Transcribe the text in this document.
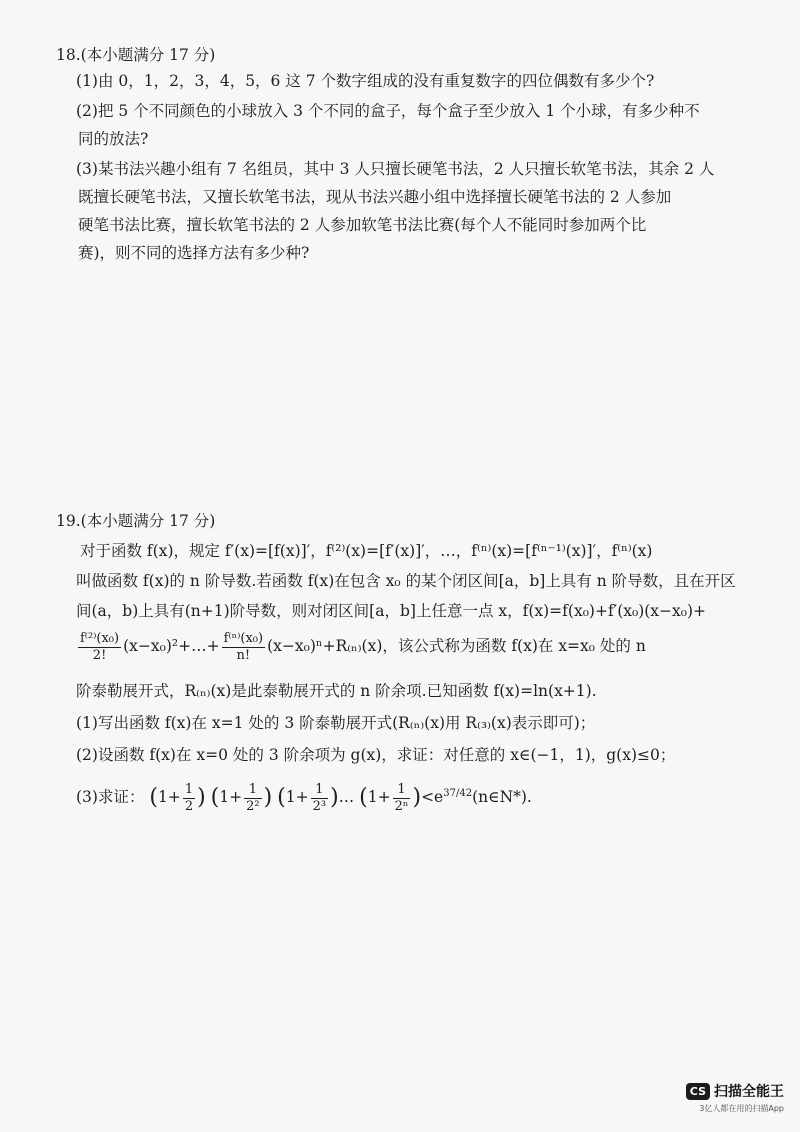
18.(本小题满分 17 分)
(1)由 0，1，2，3，4，5，6 这 7 个数字组成的没有重复数字的四位偶数有多少个?
(2)把 5 个不同颜色的小球放入 3 个不同的盒子，每个盒子至少放入 1 个小球，有多少种不
同的放法?
(3)某书法兴趣小组有 7 名组员，其中 3 人只擅长硬笔书法，2 人只擅长软笔书法，其余 2 人
既擅长硬笔书法，又擅长软笔书法，现从书法兴趣小组中选择擅长硬笔书法的 2 人参加
硬笔书法比赛，擅长软笔书法的 2 人参加软笔书法比赛(每个人不能同时参加两个比
赛)，则不同的选择方法有多少种?
19.(本小题满分 17 分)
对于函数 f(x)，规定 f′(x)=[f(x)]′，f⁽²⁾(x)=[f′(x)]′，…，f⁽ⁿ⁾(x)=[f⁽ⁿ⁻¹⁾(x)]′，f⁽ⁿ⁾(x)
叫做函数 f(x)的 n 阶导数.若函数 f(x)在包含 x₀ 的某个闭区间[a，b]上具有 n 阶导数，且在开区
间(a，b)上具有(n+1)阶导数，则对闭区间[a，b]上任意一点 x，f(x)=f(x₀)+f′(x₀)(x−x₀)+
$\frac{\text{f⁽²⁾(x₀)}}{2!}$ (x−x₀)²+…+ $\frac{\text{f⁽ⁿ⁾(x₀)}}{n!} (x-x_0)^n+R_{(n)}(x)$，该公式称为函数 f(x)在 x=x₀ 处的 n
阶泰勒展开式，R₍ₙ₎(x)是此泰勒展开式的 n 阶余项.已知函数 f(x)=ln(x+1).
(1)写出函数 f(x)在 x=1 处的 3 阶泰勒展开式(R₍ₙ₎(x)用 R₍₃₎(x)表示即可)；
(2)设函数 f(x)在 x=0 处的 3 阶余项为 g(x)，求证：对任意的 x∈(−1，1)，g(x)≤0；
(3)求证： ($1+ \frac{1}{2}$ ) ($1+ \frac{1}{\text{2²}}$ ) ($1+ \frac{1}{\text{2³}}$ )… ($1+ \frac{1}{\text{2ⁿ}}$ )$<e^{37/42}(n\in N*)$.
CS 扫描全能王
3亿人都在用的扫描App
